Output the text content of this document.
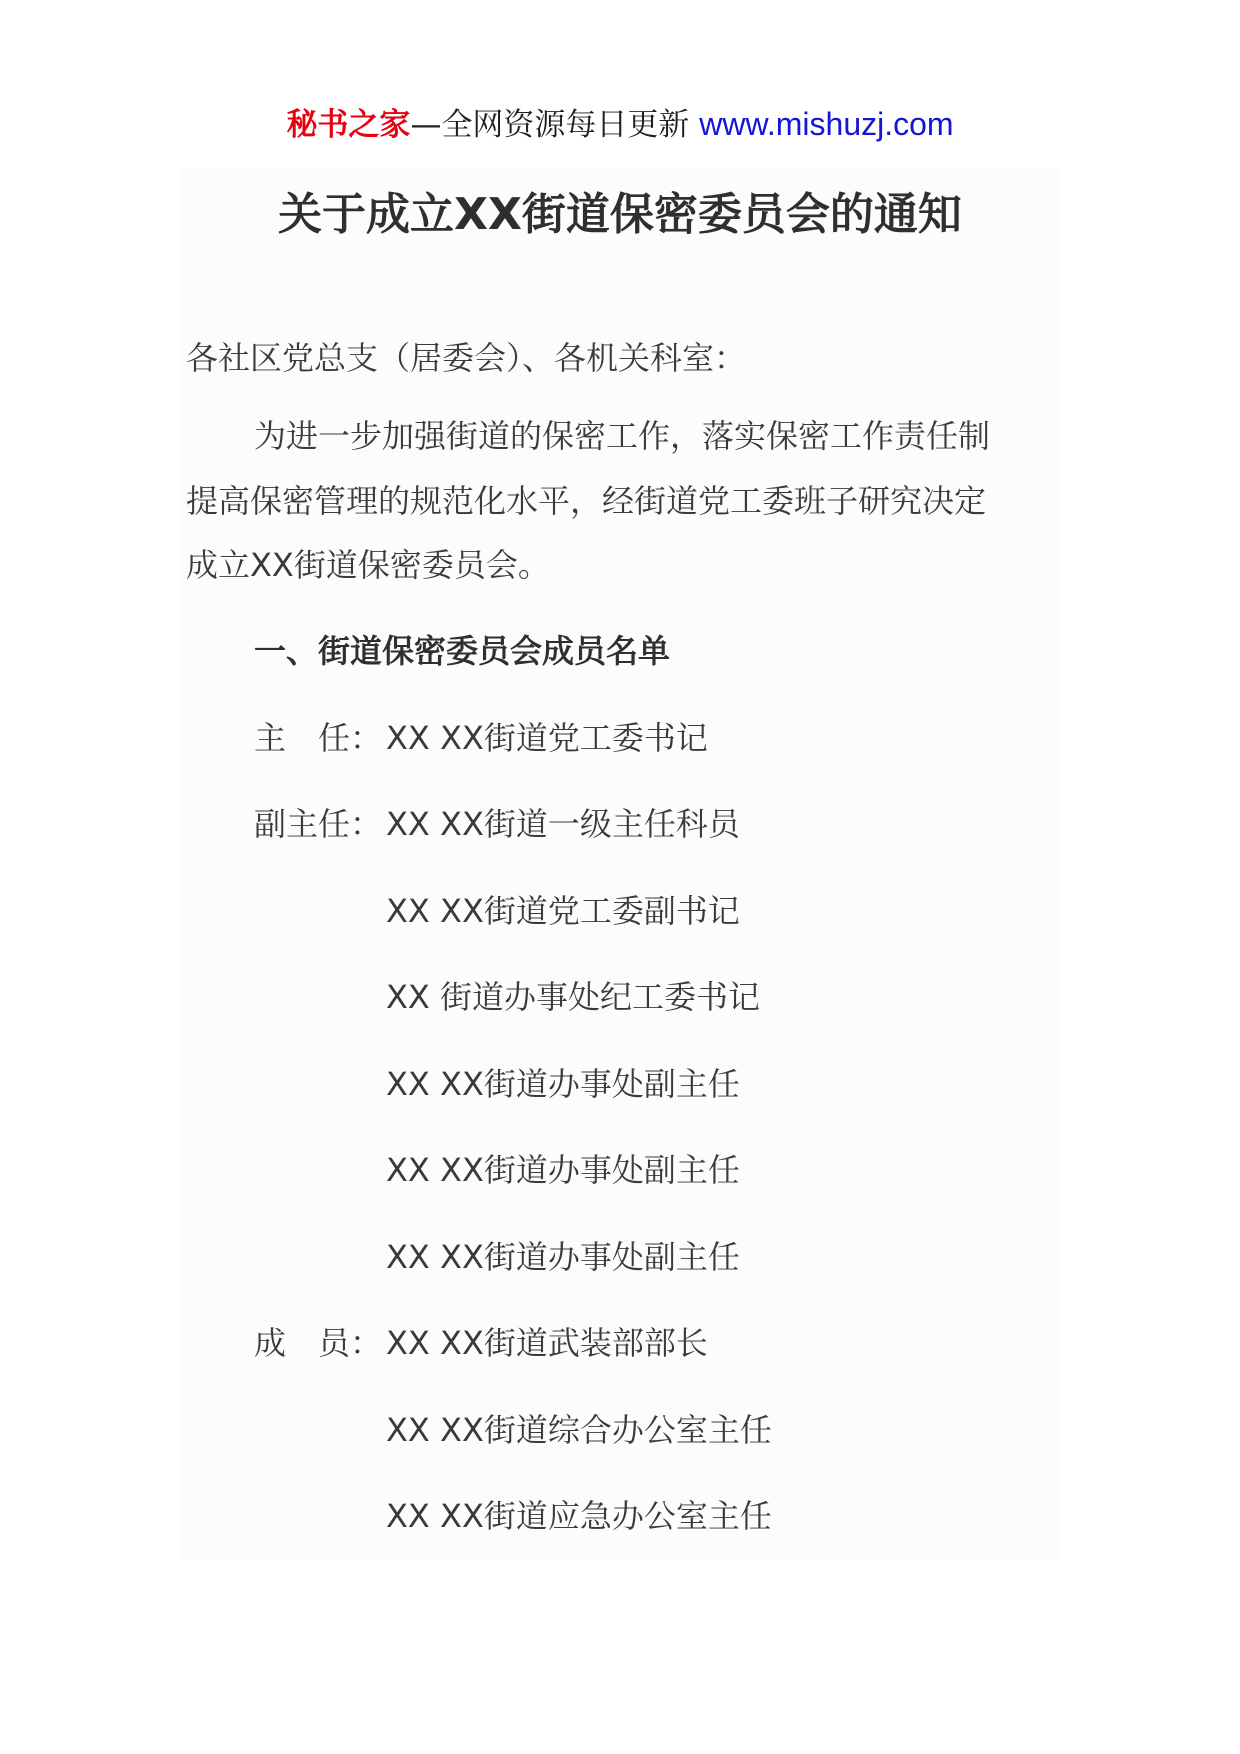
秘书之家—全网资源每日更新 www.mishuzj.com
关于成立XX街道保密委员会的通知
各社区党总支（居委会）、各机关科室：
为进一步加强街道的保密工作，落实保密工作责任制
提高保密管理的规范化水平，经街道党工委班子研究决定
成立XX街道保密委员会。
一、街道保密委员会成员名单
主　任： XX XX街道党工委书记
副主任： XX XX街道一级主任科员
XX XX街道党工委副书记
XX 街道办事处纪工委书记
XX XX街道办事处副主任
XX XX街道办事处副主任
XX XX街道办事处副主任
成　员： XX XX街道武装部部长
XX XX街道综合办公室主任
XX XX街道应急办公室主任
